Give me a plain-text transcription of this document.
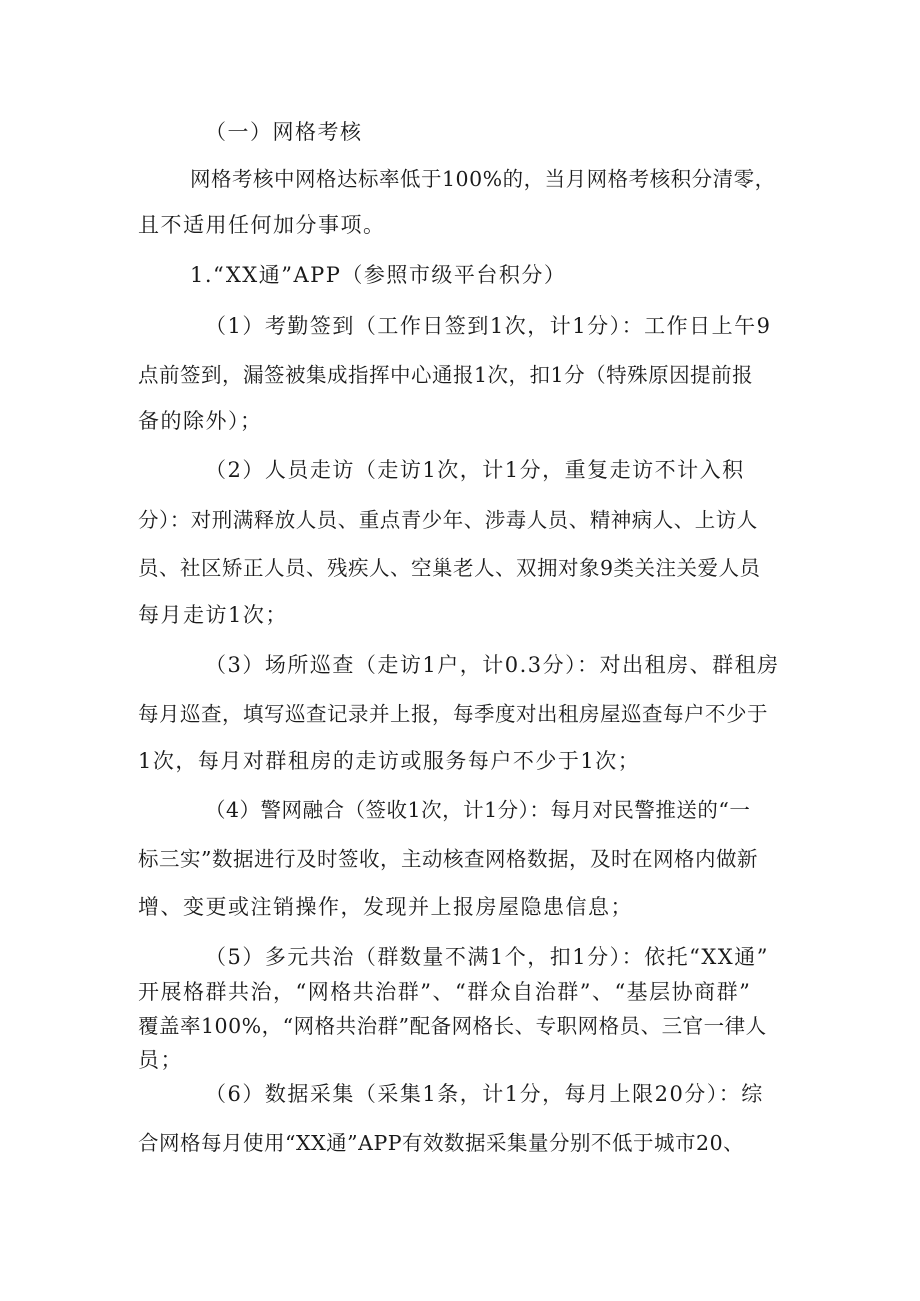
（一）网格考核
网格考核中网格达标率低于100%的，当月网格考核积分清零，
且不适用任何加分事项。
1.“XX通”APP（参照市级平台积分）
（1）考勤签到（工作日签到1次，计1分）：工作日上午9
点前签到，漏签被集成指挥中心通报1次，扣1分（特殊原因提前报
备的除外）；
（2）人员走访（走访1次，计1分，重复走访不计入积
分）：对刑满释放人员、重点青少年、涉毒人员、精神病人、上访人
员、社区矫正人员、残疾人、空巢老人、双拥对象9类关注关爱人员
每月走访1次；
（3）场所巡查（走访1户，计0.3分）：对出租房、群租房
每月巡查，填写巡查记录并上报，每季度对出租房屋巡查每户不少于
1次，每月对群租房的走访或服务每户不少于1次；
（4）警网融合（签收1次，计1分）：每月对民警推送的“一
标三实”数据进行及时签收，主动核查网格数据，及时在网格内做新
增、变更或注销操作，发现并上报房屋隐患信息；
（5）多元共治（群数量不满1个，扣1分）：依托“XX通”
开展格群共治，“网格共治群”、“群众自治群”、“基层协商群”
覆盖率100%，“网格共治群”配备网格长、专职网格员、三官一律人
员；
（6）数据采集（采集1条，计1分，每月上限20分）：综
合网格每月使用“XX通”APP有效数据采集量分别不低于城市20、
